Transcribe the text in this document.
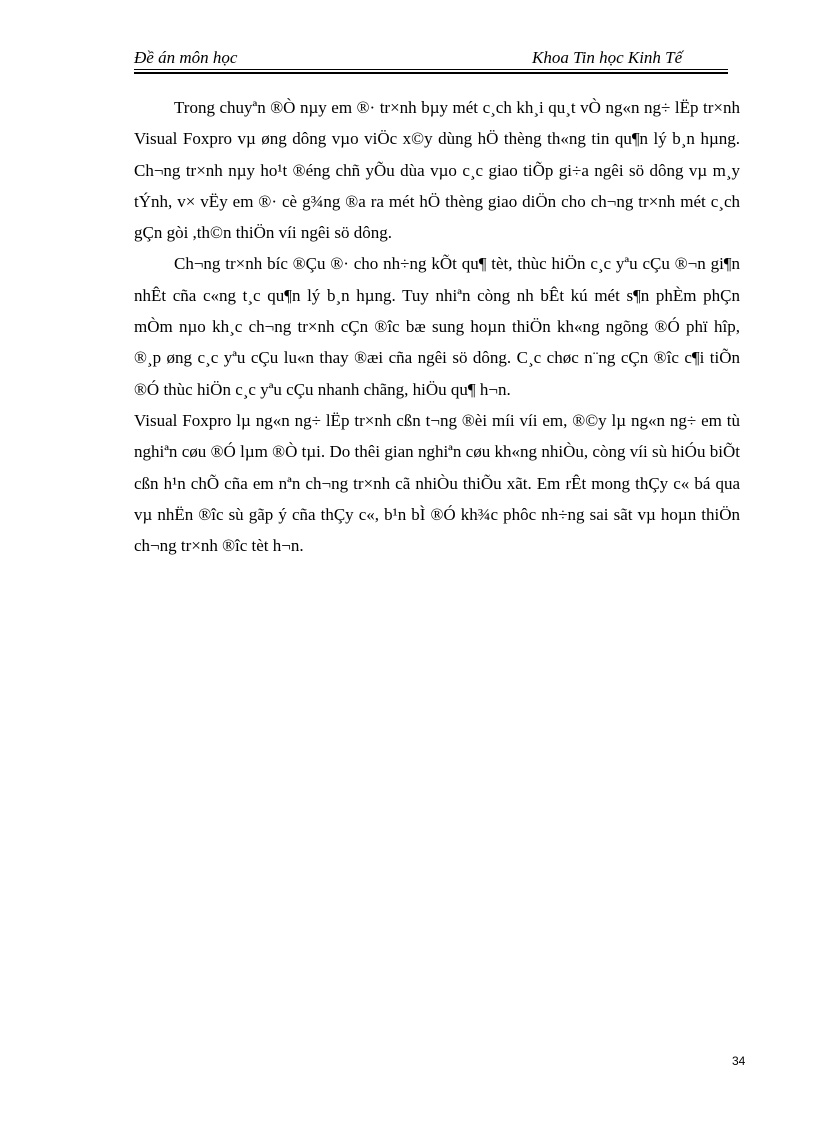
Đề án môn học	Khoa Tin học Kinh Tế

Trong chuyªn ®Ò nµy em ®· tr×nh bµy mét c¸ch kh¸i qu¸t vÒ ng«n ng÷ lËp tr×nh Visual Foxpro vµ øng dông vµo viÖc x©y dùng hÖ thèng th«ng tin qu¶n lý b¸n hµng. Ch¬ng tr×nh nµy ho¹t ®éng chñ yÕu dùa vµo c¸c giao tiÕp gi÷a ngêi sö dông vµ m¸y tÝnh, v× vËy em ®· cè g¾ng ®a ra mét hÖ thèng giao diÖn cho ch¬ng tr×nh mét c¸ch gÇn gòi ,th©n thiÖn víi ngêi sö dông.

Ch¬ng tr×nh bíc ®Çu ®· cho nh÷ng kÕt qu¶ tèt, thùc hiÖn c¸c yªu cÇu ®¬n gi¶n nhÊt cña c«ng t¸c qu¶n lý b¸n hµng. Tuy nhiªn còng nh bÊt kú mét s¶n phÈm phÇn mÒm nµo kh¸c ch¬ng tr×nh cÇn ®îc bæ sung hoµn thiÖn kh«ng ngõng ®Ó phï hîp, ®¸p øng c¸c yªu cÇu lu«n thay ®æi cña ngêi sö dông. C¸c chøc n¨ng cÇn ®îc c¶i tiÕn ®Ó thùc hiÖn c¸c yªu cÇu nhanh chãng, hiÖu qu¶ h¬n.

Visual Foxpro lµ ng«n ng÷ lËp tr×nh cßn t¬ng ®èi míi víi em, ®©y lµ ng«n ng÷ em tù nghiªn cøu ®Ó lµm ®Ò tµi. Do thêi gian nghiªn cøu kh«ng nhiÒu, còng víi sù hiÓu biÕt cßn h¹n chÕ cña em nªn ch¬ng tr×nh cã nhiÒu thiÕu xãt. Em rÊt mong thÇy c« bá qua vµ nhËn ®îc sù gãp ý cña thÇy c«, b¹n bÌ ®Ó kh¾c phôc nh÷ng sai sãt vµ hoµn thiÖn ch¬ng tr×nh ®îc tèt h¬n.

34
